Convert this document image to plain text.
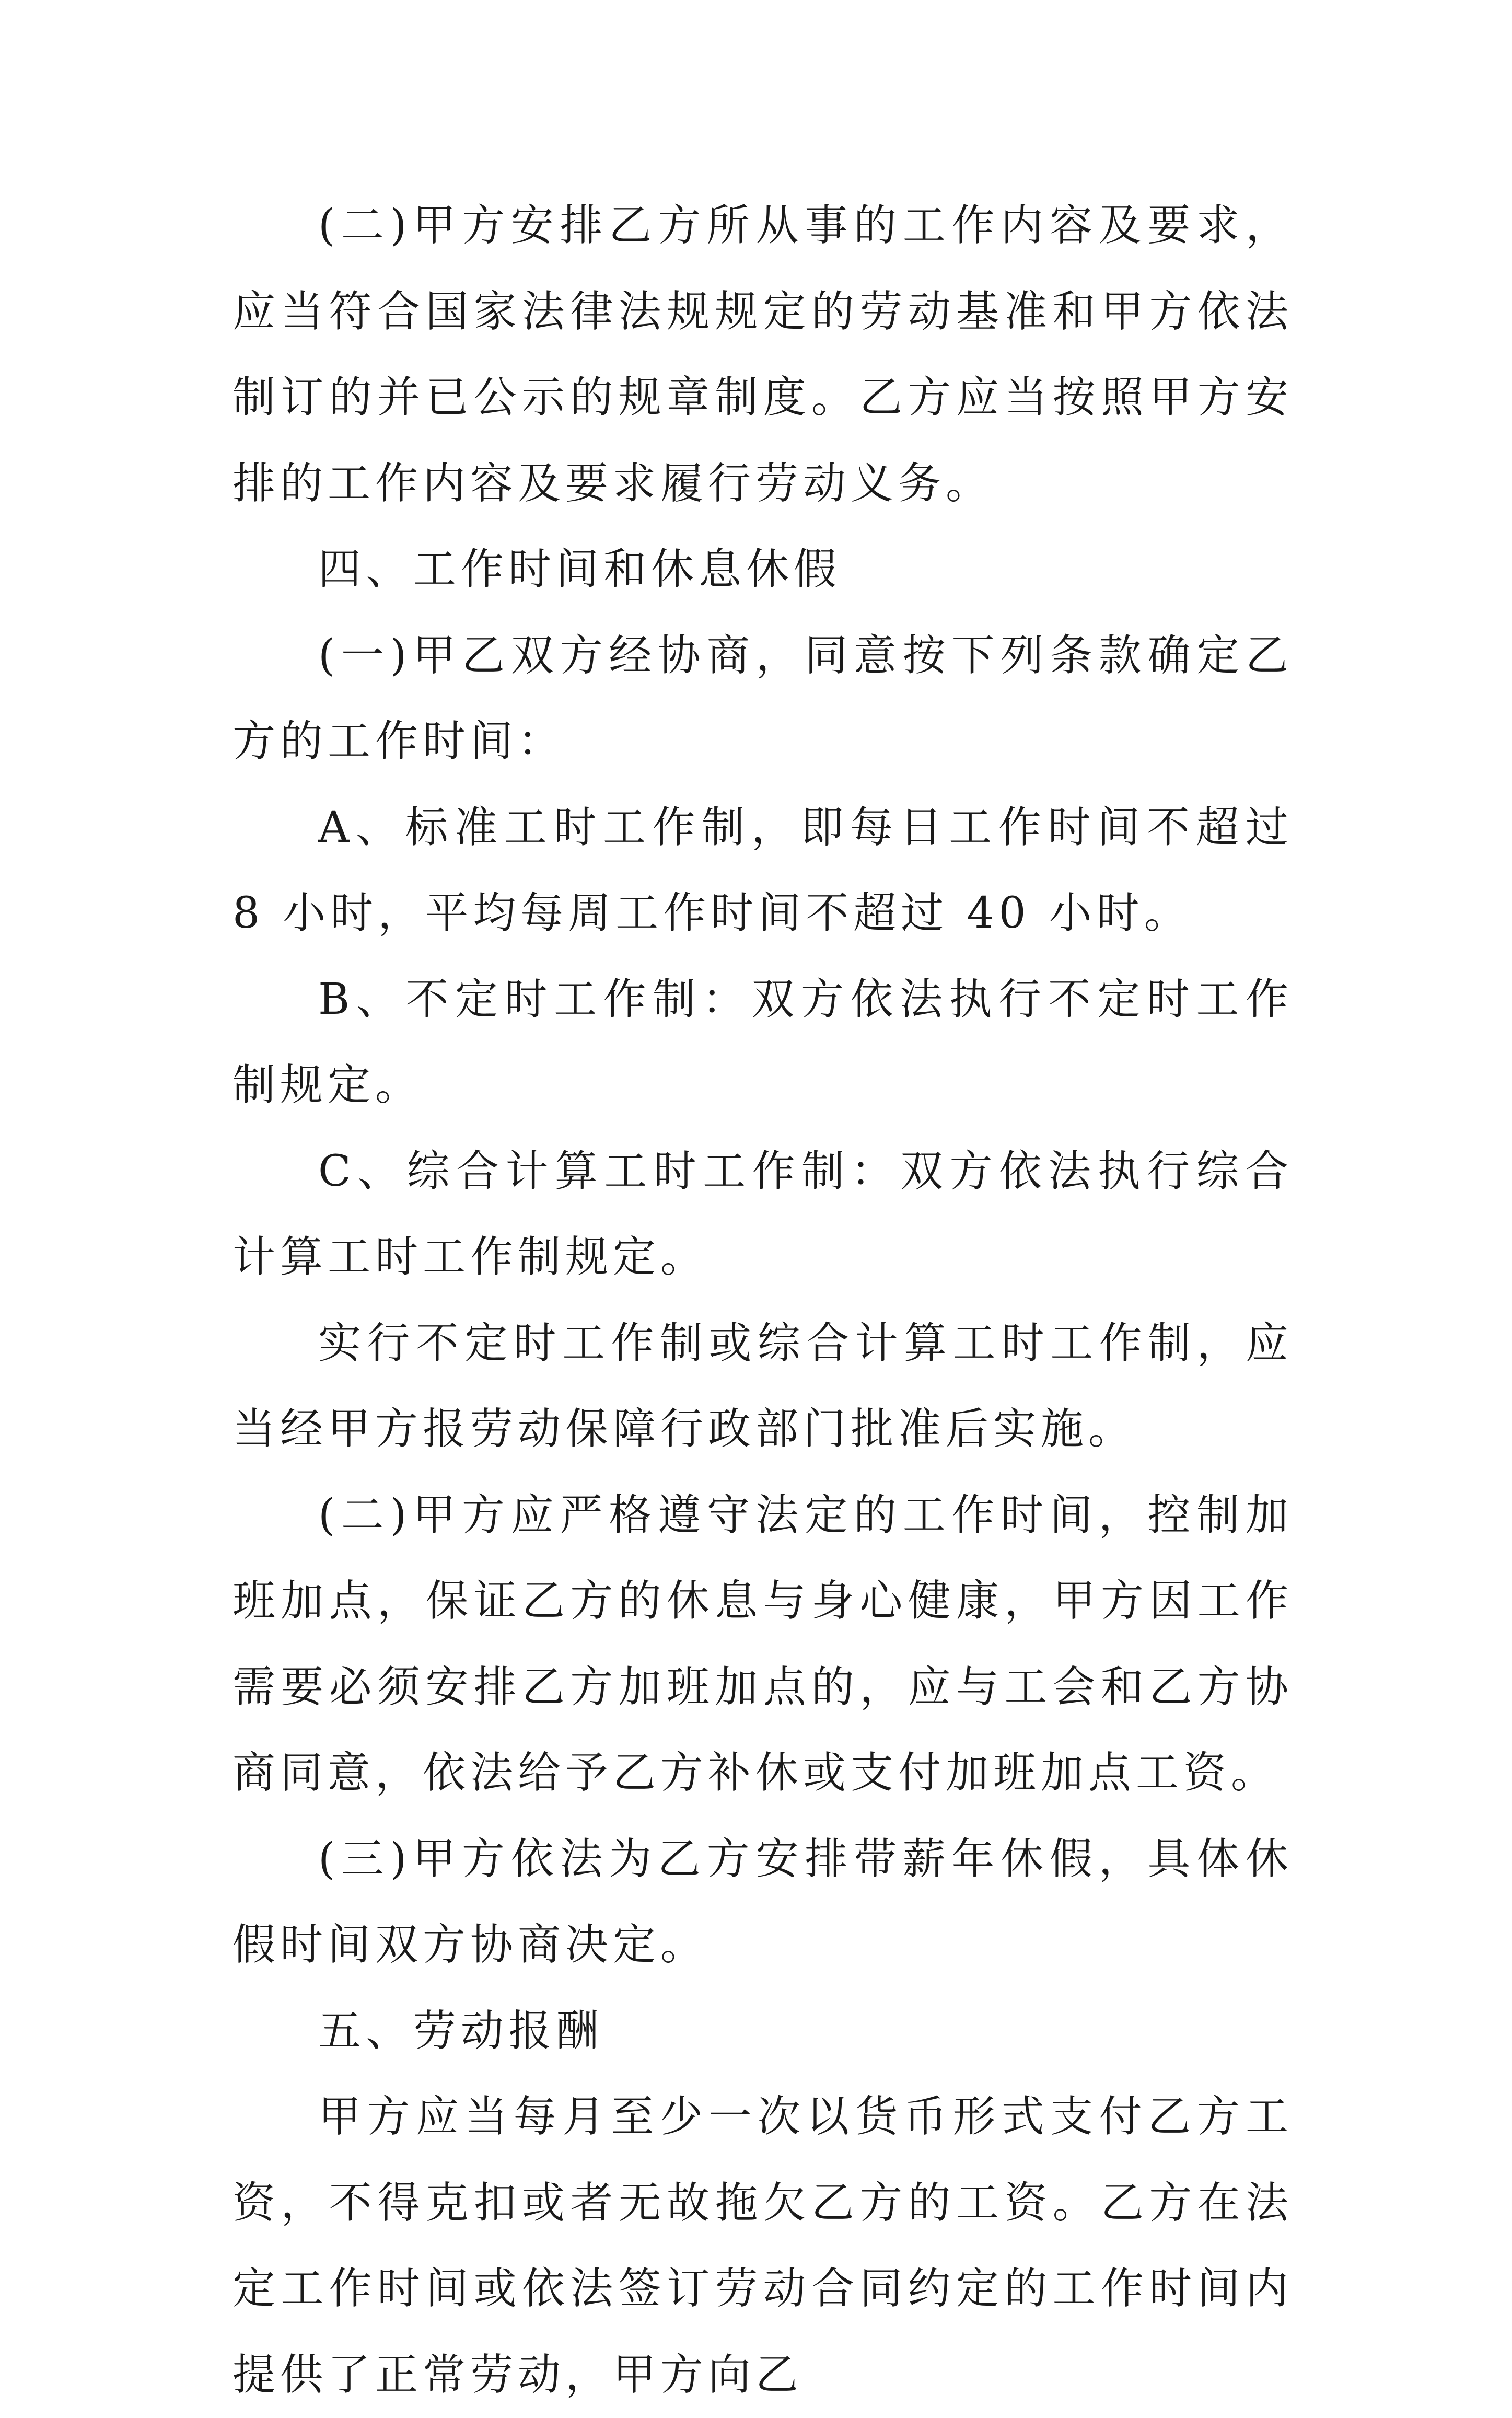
(二)甲方安排乙方所从事的工作内容及要求，应当符合国家法律法规规定的劳动基准和甲方依法制订的并已公示的规章制度。乙方应当按照甲方安排的工作内容及要求履行劳动义务。

四、工作时间和休息休假

(一)甲乙双方经协商，同意按下列条款确定乙方的工作时间：

A、标准工时工作制，即每日工作时间不超过 8 小时，平均每周工作时间不超过 40 小时。

B、不定时工作制：双方依法执行不定时工作制规定。

C、综合计算工时工作制：双方依法执行综合计算工时工作制规定。

实行不定时工作制或综合计算工时工作制，应当经甲方报劳动保障行政部门批准后实施。

(二)甲方应严格遵守法定的工作时间，控制加班加点，保证乙方的休息与身心健康，甲方因工作需要必须安排乙方加班加点的，应与工会和乙方协商同意，依法给予乙方补休或支付加班加点工资。

(三)甲方依法为乙方安排带薪年休假，具体休假时间双方协商决定。

五、劳动报酬

甲方应当每月至少一次以货币形式支付乙方工资，不得克扣或者无故拖欠乙方的工资。乙方在法定工作时间或依法签订劳动合同约定的工作时间内提供了正常劳动，甲方向乙
